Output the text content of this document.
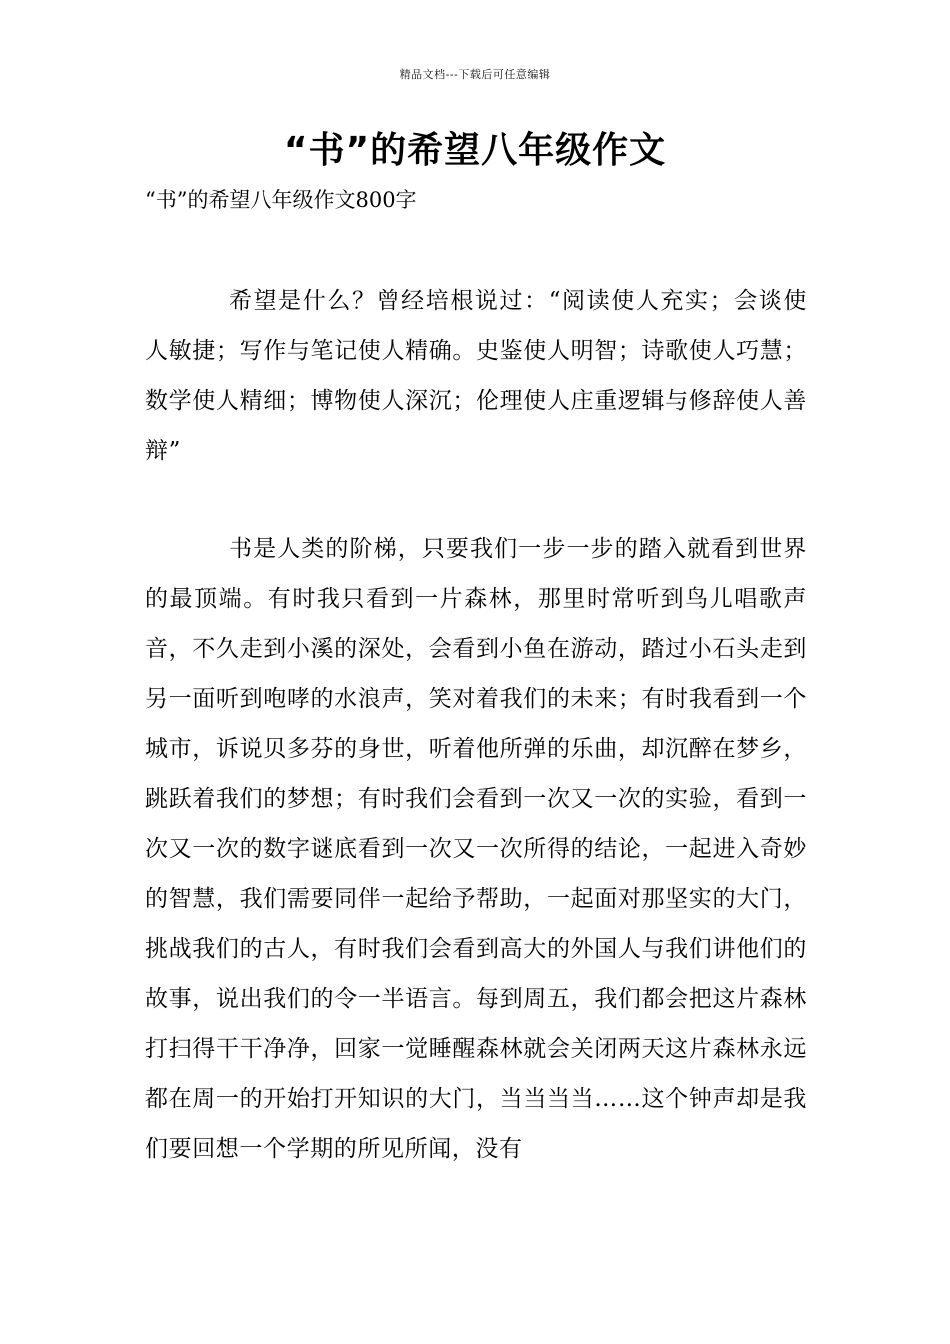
精品文档---下载后可任意编辑
“书”的希望八年级作文
“书”的希望八年级作文800字

希望是什么？曾经培根说过：“阅读使人充实；会谈使人敏捷；写作与笔记使人精确。史鉴使人明智；诗歌使人巧慧；数学使人精细；博物使人深沉；伦理使人庄重逻辑与修辞使人善辩”

书是人类的阶梯，只要我们一步一步的踏入就看到世界的最顶端。有时我只看到一片森林，那里时常听到鸟儿唱歌声音，不久走到小溪的深处，会看到小鱼在游动，踏过小石头走到另一面听到咆哮的水浪声，笑对着我们的未来；有时我看到一个城市，诉说贝多芬的身世，听着他所弹的乐曲，却沉醉在梦乡，跳跃着我们的梦想；有时我们会看到一次又一次的实验，看到一次又一次的数字谜底看到一次又一次所得的结论，一起进入奇妙的智慧，我们需要同伴一起给予帮助，一起面对那坚实的大门，挑战我们的古人，有时我们会看到高大的外国人与我们讲他们的故事，说出我们的令一半语言。每到周五，我们都会把这片森林打扫得干干净净，回家一觉睡醒森林就会关闭两天这片森林永远都在周一的开始打开知识的大门，当当当当……这个钟声却是我们要回想一个学期的所见所闻，没有
